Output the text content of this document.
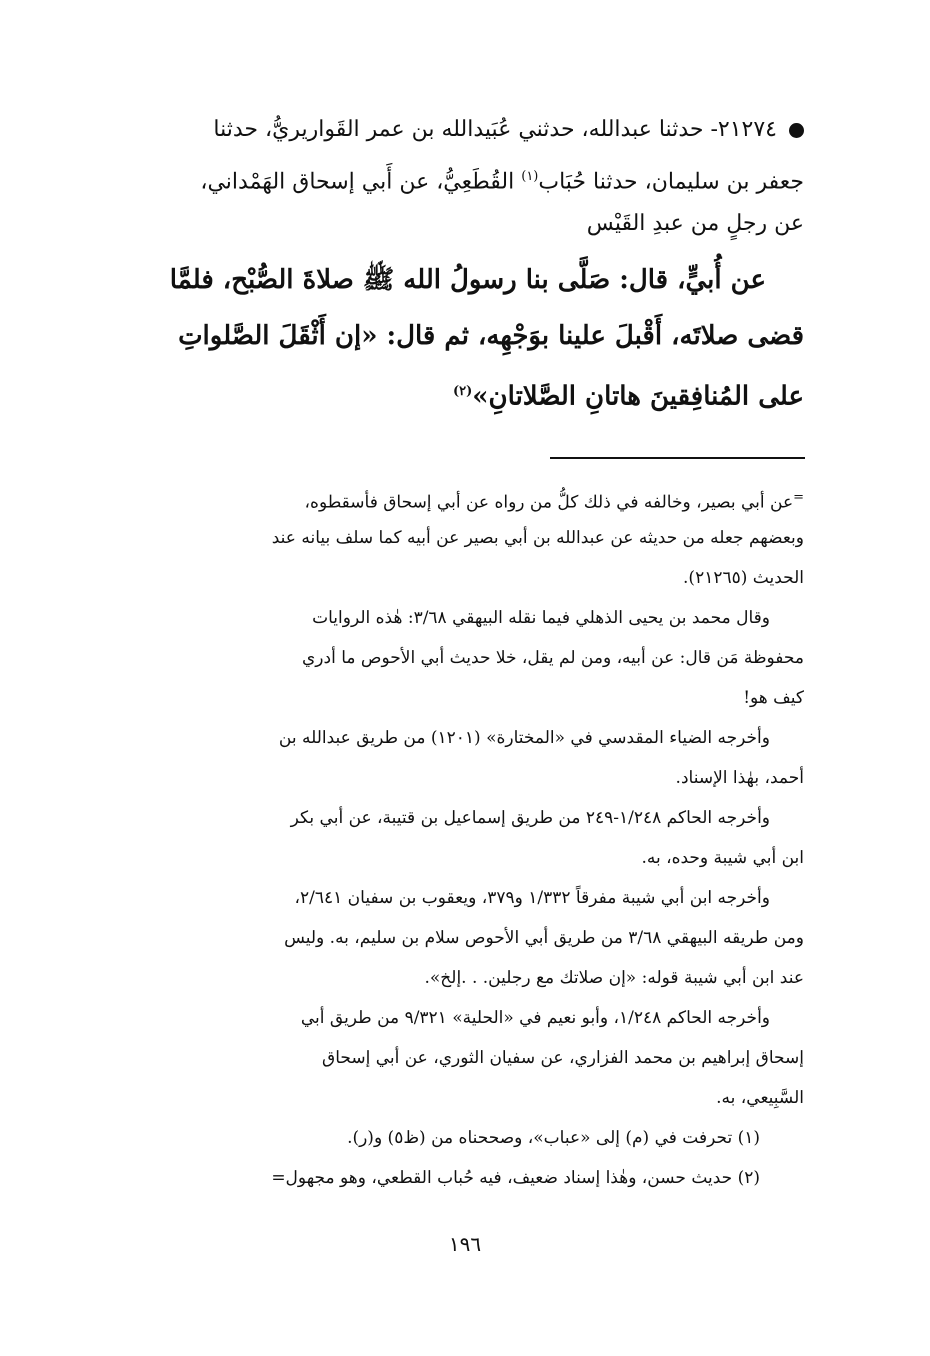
٢١٢٧٤- حدثنا عبدالله، حدثني عُبَيدالله بن عمر القَواريريُّ، حدثنا
جعفر بن سليمان، حدثنا حُبَاب$^{(١)}$ القُطَعِيُّ، عن أَبي إسحاق الهَمْداني،
عن رجلٍ من عبدِ القَيْس
عن أُبيٍّ، قال: صَلَّى بنا رسولُ الله ﷺ صلاةَ الصُّبْح، فلمَّا
قضى صلاتَه، أَقْبلَ علينا بوَجْهِه، ثم قال: «إن أَثْقَلَ الصَّلواتِ
على المُنافِقينَ هاتانِ الصَّلاتانِ»$^{(٢)}$
=عن أبي بصير، وخالفه في ذلك كلُّ من رواه عن أبي إسحاق فأسقطوه،
وبعضهم جعله من حديثه عن عبدالله بن أبي بصير عن أبيه كما سلف بيانه عند
الحديث (٢١٢٦٥).
وقال محمد بن يحيى الذهلي فيما نقله البيهقي ٣/٦٨: هٰذه الروايات
محفوظة مَن قال: عن أبيه، ومن لم يقل، خلا حديث أبي الأحوص ما أدري
كيف هو!
وأخرجه الضياء المقدسي في «المختارة» (١٢٠١) من طريق عبدالله بن
أحمد، بهٰذا الإسناد.
وأخرجه الحاكم ١/٢٤٨-٢٤٩ من طريق إسماعيل بن قتيبة، عن أبي بكر
ابن أبي شيبة وحده، به.
وأخرجه ابن أبي شيبة مفرقاً ١/٣٣٢ و٣٧٩، ويعقوب بن سفيان ٢/٦٤١،
ومن طريقه البيهقي ٣/٦٨ من طريق أبي الأحوص سلام بن سليم، به. وليس
عند ابن أبي شيبة قوله: «إن صلاتك مع رجلين. . .إلخ».
وأخرجه الحاكم ١/٢٤٨، وأبو نعيم في «الحلية» ٩/٣٢١ من طريق أبي
إسحاق إبراهيم بن محمد الفزاري، عن سفيان الثوري، عن أبي إسحاق
السَّبِيعي، به.
(١) تحرفت في (م) إلى «عباب»، وصححناه من (ظ٥) و(ر).
(٢) حديث حسن، وهٰذا إسناد ضعيف، فيه حُباب القطعي، وهو مجهول=
١٩٦
